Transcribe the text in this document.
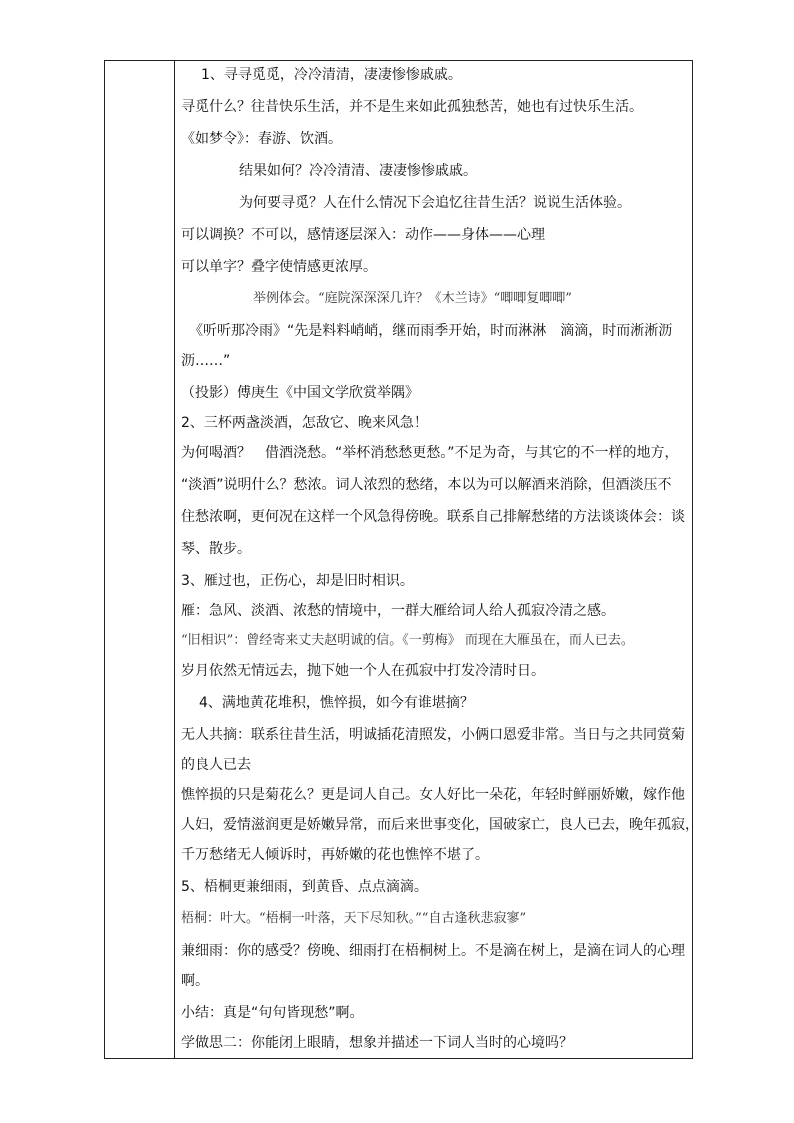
1、寻寻觅觅，冷冷清清，凄凄惨惨戚戚。
寻觅什么？往昔快乐生活，并不是生来如此孤独愁苦，她也有过快乐生活。
《如梦令》：春游、饮酒。
结果如何？冷冷清清、凄凄惨惨戚戚。
为何要寻觅？人在什么情况下会追忆往昔生活？说说生活体验。
可以调换？不可以，感情逐层深入：动作——身体——心理
可以单字？叠字使情感更浓厚。
举例体会。“庭院深深深几许？《木兰诗》“唧唧复唧唧”
《听听那冷雨》“先是料料峭峭，继而雨季开始，时而淋淋　滴滴，时而淅淅沥
沥……”
（投影）傅庚生《中国文学欣赏举隅》
2、三杯两盏淡酒，怎敌它、晚来风急！
为何喝酒？　借酒浇愁。“举杯消愁愁更愁。”不足为奇，与其它的不一样的地方，
“淡酒”说明什么？愁浓。词人浓烈的愁绪，本以为可以解酒来消除，但酒淡压不
住愁浓啊，更何况在这样一个风急得傍晚。联系自己排解愁绪的方法谈谈体会：谈
琴、散步。
3、雁过也，正伤心，却是旧时相识。
雁：急风、淡酒、浓愁的情境中，一群大雁给词人给人孤寂冷清之感。
“旧相识”：曾经寄来丈夫赵明诚的信。《一剪梅》 而现在大雁虽在，而人已去。
岁月依然无情远去，抛下她一个人在孤寂中打发冷清时日。
4、满地黄花堆积，憔悴损，如今有谁堪摘？
无人共摘：联系往昔生活，明诚插花清照发，小俩口恩爱非常。当日与之共同赏菊
的良人已去
憔悴损的只是菊花么？更是词人自己。女人好比一朵花，年轻时鲜丽娇嫩，嫁作他
人妇，爱情滋润更是娇嫩异常，而后来世事变化，国破家亡，良人已去，晚年孤寂，
千万愁绪无人倾诉时，再娇嫩的花也憔悴不堪了。
5、梧桐更兼细雨，到黄昏、点点滴滴。
梧桐：叶大。“梧桐一叶落，天下尽知秋。”“自古逢秋悲寂寥”
兼细雨：你的感受？傍晚、细雨打在梧桐树上。不是滴在树上，是滴在词人的心理
啊。
小结：真是“句句皆现愁”啊。
学做思二：你能闭上眼睛，想象并描述一下词人当时的心境吗？
